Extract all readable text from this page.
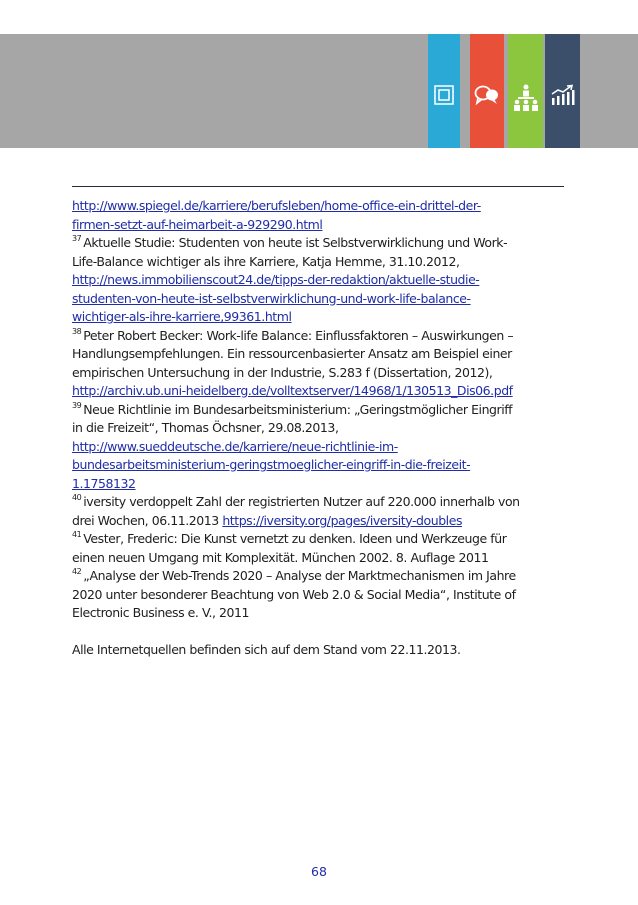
http://www.spiegel.de/karriere/berufsleben/home-office-ein-drittel-der-
firmen-setzt-auf-heimarbeit-a-929290.html
$^{37}$ Aktuelle Studie: Studenten von heute ist Selbstverwirklichung und Work-
Life-Balance wichtiger als ihre Karriere, Katja Hemme, 31.10.2012,
http://news.immobilienscout24.de/tipps-der-redaktion/aktuelle-studie-
studenten-von-heute-ist-selbstverwirklichung-und-work-life-balance-
wichtiger-als-ihre-karriere,99361.html
$^{38}$ Peter Robert Becker: Work-life Balance: Einflussfaktoren – Auswirkungen –
Handlungsempfehlungen. Ein ressourcenbasierter Ansatz am Beispiel einer
empirischen Untersuchung in der Industrie, S.283 f (Dissertation, 2012),
http://archiv.ub.uni-heidelberg.de/volltextserver/14968/1/130513_Dis06.pdf
$^{39}$ Neue Richtlinie im Bundesarbeitsministerium: „Geringstmöglicher Eingriff
in die Freizeit“, Thomas Öchsner, 29.08.2013,
http://www.sueddeutsche.de/karriere/neue-richtlinie-im-
bundesarbeitsministerium-geringstmoeglicher-eingriff-in-die-freizeit-
1.1758132
$^{40}$ iversity verdoppelt Zahl der registrierten Nutzer auf 220.000 innerhalb von
drei Wochen, 06.11.2013 https://iversity.org/pages/iversity-doubles
$^{41}$ Vester, Frederic: Die Kunst vernetzt zu denken. Ideen und Werkzeuge für
einen neuen Umgang mit Komplexität. München 2002. 8. Auflage 2011
$^{42}$ „Analyse der Web-Trends 2020 – Analyse der Marktmechanismen im Jahre
2020 unter besonderer Beachtung von Web 2.0 & Social Media“, Institute of
Electronic Business e. V., 2011
Alle Internetquellen befinden sich auf dem Stand vom 22.11.2013.
68
